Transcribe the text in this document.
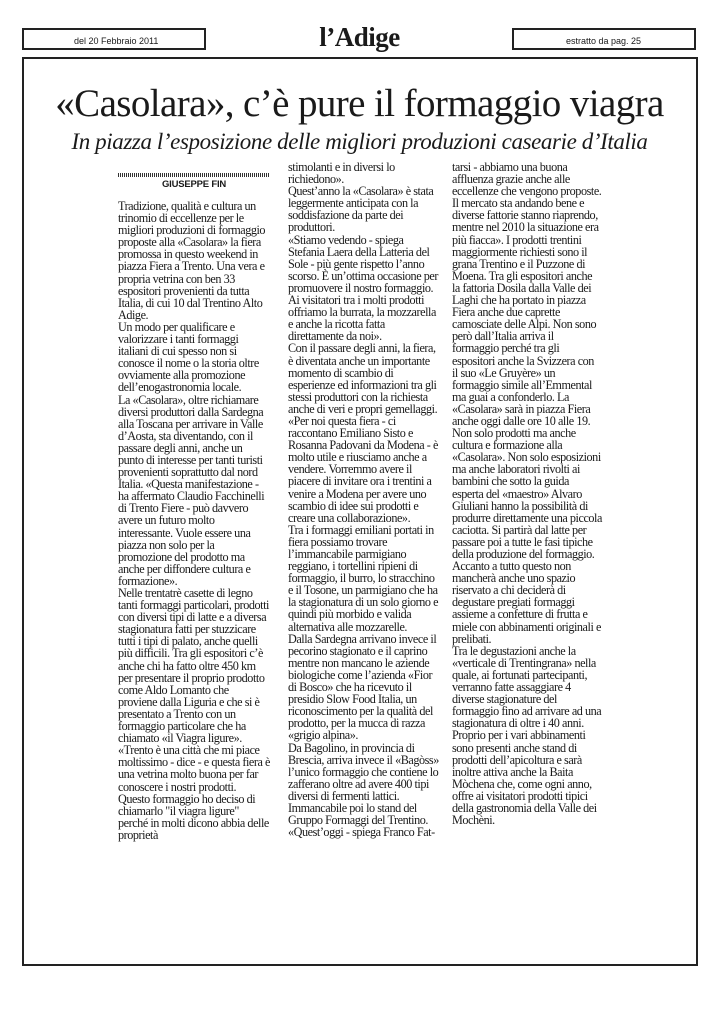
del 20 Febbraio 2011	l’Adige	estratto da pag. 25
«Casolara», c’è pure il formaggio viagra
In piazza l’esposizione delle migliori produzioni casearie d’Italia
GIUSEPPE FIN

Tradizione, qualità e cultura un trinomio di eccellenze per le migliori produzioni di formaggio proposte alla «Casolara» la fiera promossa in questo weekend in piazza Fiera a Trento. Una vera e propria vetrina con ben 33 espositori provenienti da tutta Italia, di cui 10 dal Trentino Alto Adige.

Un modo per qualificare e valorizzare i tanti formaggi italiani di cui spesso non si conosce il nome o la storia oltre ovviamente alla promozione dell’enogastronomia locale.

La «Casolara», oltre richiamare diversi produttori dalla Sardegna alla Toscana per arrivare in Valle d’Aosta, sta diventando, con il passare degli anni, anche un punto di interesse per tanti turisti provenienti soprattutto dal nord Italia. «Questa manifestazione - ha affermato Claudio Facchinelli di Trento Fiere - può davvero avere un futuro molto interessante. Vuole essere una piazza non solo per la promozione del prodotto ma anche per diffondere cultura e formazione».

Nelle trentatrè casette di legno tanti formaggi particolari, prodotti con diversi tipi di latte e a diversa stagionatura fatti per stuzzicare tutti i tipi di palato, anche quelli più difficili. Tra gli espositori c’è anche chi ha fatto oltre 450 km per presentare il proprio prodotto come Aldo Lomanto che proviene dalla Liguria e che si è presentato a Trento con un formaggio particolare che ha chiamato «il Viagra ligure». «Trento è una città che mi piace moltissimo - dice - e questa fiera è una vetrina molto buona per far conoscere i nostri prodotti. Questo formaggio ho deciso di chiamarlo "il viagra ligure" perché in molti dicono abbia delle proprietà

stimolanti e in diversi lo richiedono».

Quest’anno la «Casolara» è stata leggermente anticipata con la soddisfazione da parte dei produttori.

«Stiamo vedendo - spiega Stefania Laera della Latteria del Sole - più gente rispetto l’anno scorso. È un’ottima occasione per promuovere il nostro formaggio. Ai visitatori tra i molti prodotti offriamo la burrata, la mozzarella e anche la ricotta fatta direttamente da noi».

Con il passare degli anni, la fiera, è diventata anche un importante momento di scambio di esperienze ed informazioni tra gli stessi produttori con la richiesta anche di veri e propri gemellaggi.

«Per noi questa fiera - ci raccontano Emiliano Sisto e Rosanna Padovani da Modena - è molto utile e riusciamo anche a vendere. Vorremmo avere il piacere di invitare ora i trentini a venire a Modena per avere uno scambio di idee sui prodotti e creare una collaborazione».

Tra i formaggi emiliani portati in fiera possiamo trovare l’immancabile parmigiano reggiano, i tortellini ripieni di formaggio, il burro, lo stracchino e il Tosone, un parmigiano che ha la stagionatura di un solo giorno e quindi più morbido e valida alternativa alle mozzarelle.

Dalla Sardegna arrivano invece il pecorino stagionato e il caprino mentre non mancano le aziende biologiche come l’azienda «Fior di Bosco» che ha ricevuto il presidio Slow Food Italia, un riconoscimento per la qualità del prodotto, per la mucca di razza «grigio alpina».

Da Bagolino, in provincia di Brescia, arriva invece il «Bagòss» l’unico formaggio che contiene lo zafferano oltre ad avere 400 tipi diversi di fermenti lattici.

Immancabile poi lo stand del Gruppo Formaggi del Trentino.

«Quest’oggi - spiega Franco Fat-

tarsi - abbiamo una buona affluenza grazie anche alle eccellenze che vengono proposte. Il mercato sta andando bene e diverse fattorie stanno riaprendo, mentre nel 2010 la situazione era più fiacca». I prodotti trentini maggiormente richiesti sono il grana Trentino e il Puzzone di Moena. Tra gli espositori anche la fattoria Dosila dalla Valle dei Laghi che ha portato in piazza Fiera anche due caprette camosciate delle Alpi. Non sono però dall’Italia arriva il formaggio perché tra gli espositori anche la Svizzera con il suo «Le Gruyère» un formaggio simile all’Emmental ma guai a confonderlo. La «Casolara» sarà in piazza Fiera anche oggi dalle ore 10 alle 19.

Non solo prodotti ma anche cultura e formazione alla «Casolara». Non solo esposizioni ma anche laboratori rivolti ai bambini che sotto la guida esperta del «maestro» Alvaro Giuliani hanno la possibilità di produrre direttamente una piccola caciotta. Si partirà dal latte per passare poi a tutte le fasi tipiche della produzione del formaggio.

Accanto a tutto questo non mancherà anche uno spazio riservato a chi deciderà di degustare pregiati formaggi assieme a confetture di frutta e miele con abbinamenti originali e prelibati.

Tra le degustazioni anche la «verticale di Trentingrana» nella quale, ai fortunati partecipanti, verranno fatte assaggiare 4 diverse stagionature del formaggio fino ad arrivare ad una stagionatura di oltre i 40 anni.

Proprio per i vari abbinamenti sono presenti anche stand di prodotti dell’apicoltura e sarà inoltre attiva anche la Baita Mòchena che, come ogni anno, offre ai visitatori prodotti tipici della gastronomia della Valle dei Mochèni.
